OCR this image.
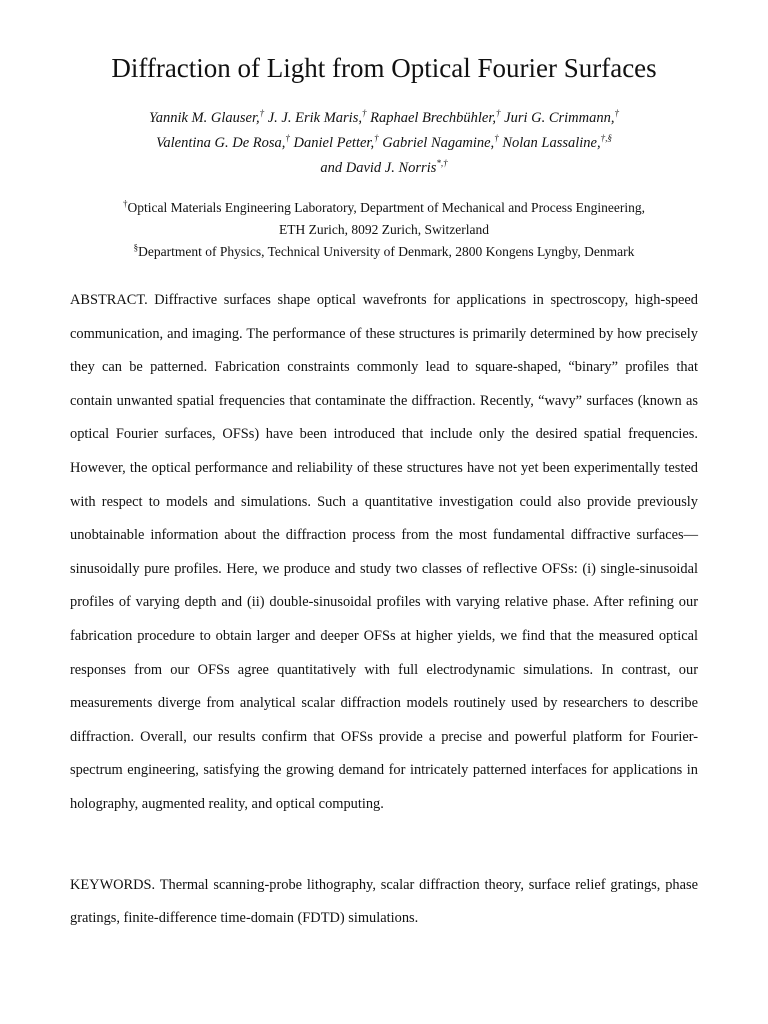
Diffraction of Light from Optical Fourier Surfaces
Yannik M. Glauser,† J. J. Erik Maris,† Raphael Brechbühler,† Juri G. Crimmann,†
Valentina G. De Rosa,† Daniel Petter,† Gabriel Nagamine,† Nolan Lassaline,†,§
and David J. Norris*,†
†Optical Materials Engineering Laboratory, Department of Mechanical and Process Engineering,
ETH Zurich, 8092 Zurich, Switzerland
§Department of Physics, Technical University of Denmark, 2800 Kongens Lyngby, Denmark

ABSTRACT. Diffractive surfaces shape optical wavefronts for applications in spectroscopy, high-speed communication, and imaging. The performance of these structures is primarily determined by how precisely they can be patterned. Fabrication constraints commonly lead to square-shaped, “binary” profiles that contain unwanted spatial frequencies that contaminate the diffraction. Recently, “wavy” surfaces (known as optical Fourier surfaces, OFSs) have been introduced that include only the desired spatial frequencies. However, the optical performance and reliability of these structures have not yet been experimentally tested with respect to models and simulations. Such a quantitative investigation could also provide previously unobtainable information about the diffraction process from the most fundamental diffractive surfaces—sinusoidally pure profiles. Here, we produce and study two classes of reflective OFSs: (i) single-sinusoidal profiles of varying depth and (ii) double-sinusoidal profiles with varying relative phase. After refining our fabrication procedure to obtain larger and deeper OFSs at higher yields, we find that the measured optical responses from our OFSs agree quantitatively with full electrodynamic simulations. In contrast, our measurements diverge from analytical scalar diffraction models routinely used by researchers to describe diffraction. Overall, our results confirm that OFSs provide a precise and powerful platform for Fourier-spectrum engineering, satisfying the growing demand for intricately patterned interfaces for applications in holography, augmented reality, and optical computing.

KEYWORDS. Thermal scanning-probe lithography, scalar diffraction theory, surface relief gratings, phase gratings, finite-difference time-domain (FDTD) simulations.
